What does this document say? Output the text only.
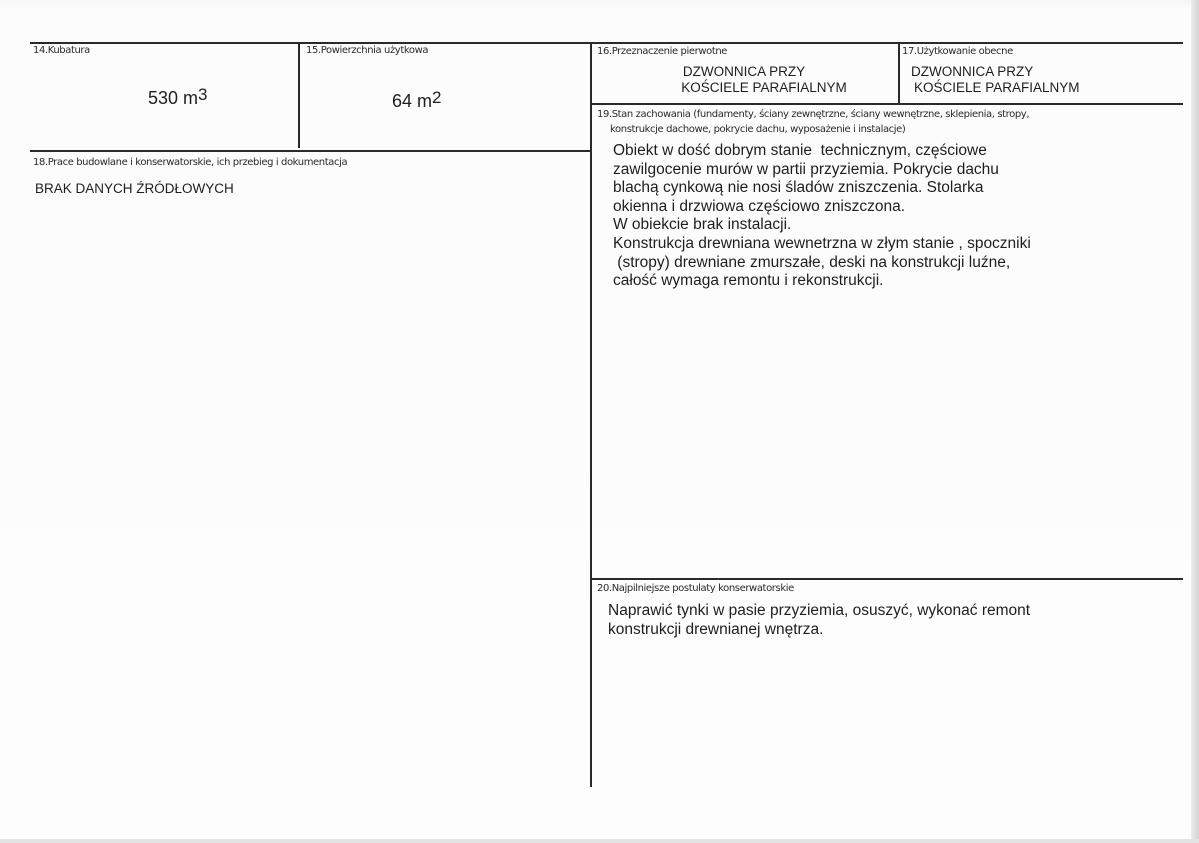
14.Kubatura
530 $m^3$
15.Powierzchnia użytkowa
64 $m^2$
16.Przeznaczenie pierwotne
DZWONNICA PRZY
KOŚCIELE PARAFIALNYM
17.Użytkowanie obecne
DZWONNICA PRZY
KOŚCIELE PARAFIALNYM
18.Prace budowlane i konserwatorskie, ich przebieg i dokumentacja
BRAK DANYCH ŹRÓDŁOWYCH
19.Stan zachowania (fundamenty, ściany zewnętrzne, ściany wewnętrzne, sklepienia, stropy,
konstrukcje dachowe, pokrycie dachu, wyposażenie i instalacje)
Obiekt w dość dobrym stanie  technicznym, częściowe
zawilgocenie murów w partii przyziemia. Pokrycie dachu
blachą cynkową nie nosi śladów zniszczenia. Stolarka
okienna i drzwiowa częściowo zniszczona.
W obiekcie brak instalacji.
Konstrukcja drewniana wewnetrzna w złym stanie , spoczniki
(stropy) drewniane zmurszałe, deski na konstrukcji luźne,
całość wymaga remontu i rekonstrukcji.
20.Najpilniejsze postulaty konserwatorskie
Naprawić tynki w pasie przyziemia, osuszyć, wykonać remont
konstrukcji drewnianej wnętrza.
